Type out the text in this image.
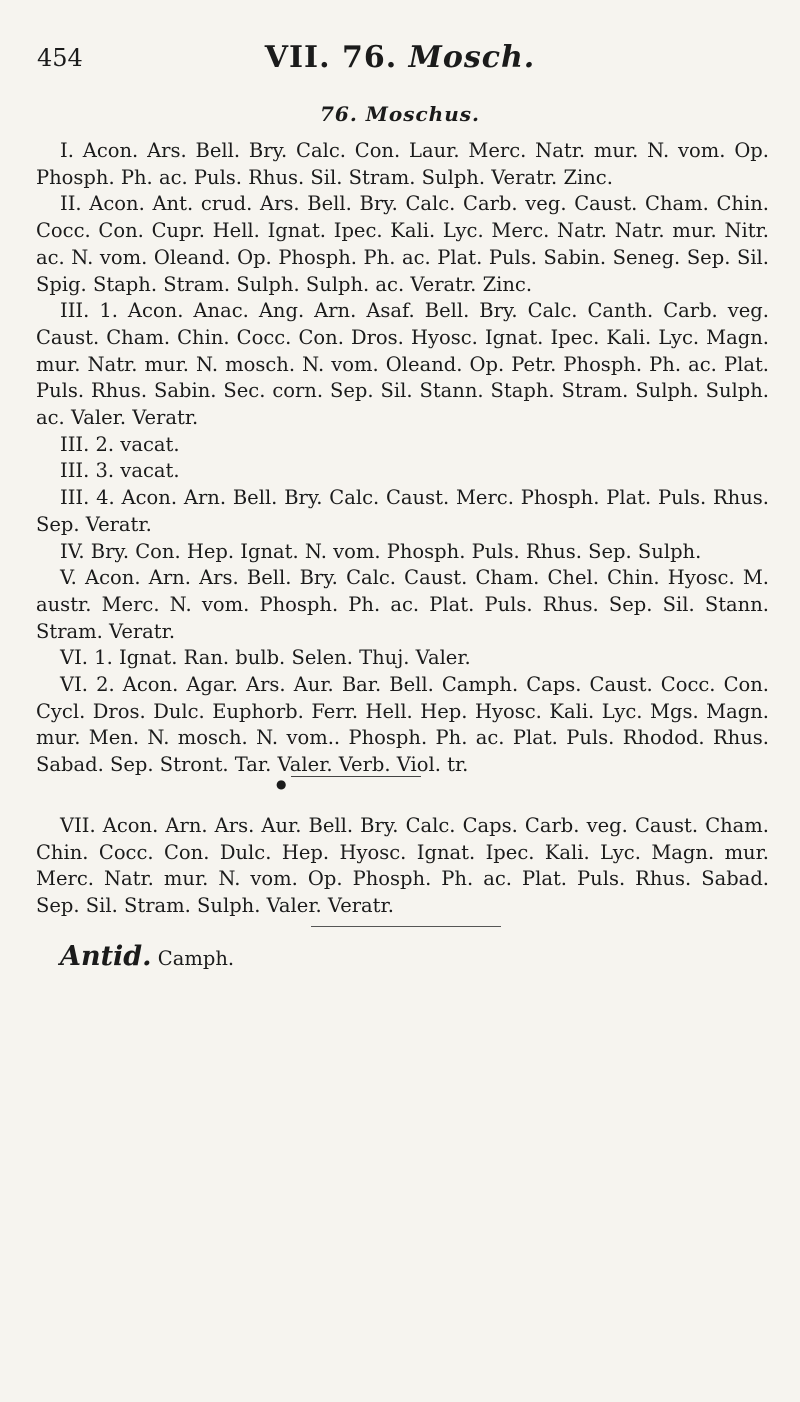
454	VII. 76. Mosch.
76. Moschus.

I. Acon. Ars. Bell. Bry. Calc. Con. Laur. Merc. Natr. mur. N. vom. Op. Phosph. Ph. ac. Puls. Rhus. Sil. Stram. Sulph. Veratr. Zinc.

II. Acon. Ant. crud. Ars. Bell. Bry. Calc. Carb. veg. Caust. Cham. Chin. Cocc. Con. Cupr. Hell. Ignat. Ipec. Kali. Lyc. Merc. Natr. Natr. mur. Nitr. ac. N. vom. Oleand. Op. Phosph. Ph. ac. Plat. Puls. Sabin. Seneg. Sep. Sil. Spig. Staph. Stram. Sulph. Sulph. ac. Veratr. Zinc.

III. 1. Acon. Anac. Ang. Arn. Asaf. Bell. Bry. Calc. Canth. Carb. veg. Caust. Cham. Chin. Cocc. Con. Dros. Hyosc. Ignat. Ipec. Kali. Lyc. Magn. mur. Natr. mur. N. mosch. N. vom. Oleand. Op. Petr. Phosph. Ph. ac. Plat. Puls. Rhus. Sabin. Sec. corn. Sep. Sil. Stann. Staph. Stram. Sulph. Sulph. ac. Valer. Veratr.

III. 2. vacat.

III. 3. vacat.

III. 4. Acon. Arn. Bell. Bry. Calc. Caust. Merc. Phosph. Plat. Puls. Rhus. Sep. Veratr.

IV. Bry. Con. Hep. Ignat. N. vom. Phosph. Puls. Rhus. Sep. Sulph.

V. Acon. Arn. Ars. Bell. Bry. Calc. Caust. Cham. Chel. Chin. Hyosc. M. austr. Merc. N. vom. Phosph. Ph. ac. Plat. Puls. Rhus. Sep. Sil. Stann. Stram. Veratr.

VI. 1. Ignat. Ran. bulb. Selen. Thuj. Valer.

VI. 2. Acon. Agar. Ars. Aur. Bar. Bell. Camph. Caps. Caust. Cocc. Con. Cycl. Dros. Dulc. Euphorb. Ferr. Hell. Hep. Hyosc. Kali. Lyc. Mgs. Magn. mur. Men. N. mosch. N. vom.. Phosph. Ph. ac. Plat. Puls. Rhodod. Rhus. Sabad. Sep. Stront. Tar. Valer. Verb. Viol. tr.

●

VII. Acon. Arn. Ars. Aur. Bell. Bry. Calc. Caps. Carb. veg. Caust. Cham. Chin. Cocc. Con. Dulc. Hep. Hyosc. Ignat. Ipec. Kali. Lyc. Magn. mur. Merc. Natr. mur. N. vom. Op. Phosph. Ph. ac. Plat. Puls. Rhus. Sabad. Sep. Sil. Stram. Sulph. Valer. Veratr.

Antid. Camph.
